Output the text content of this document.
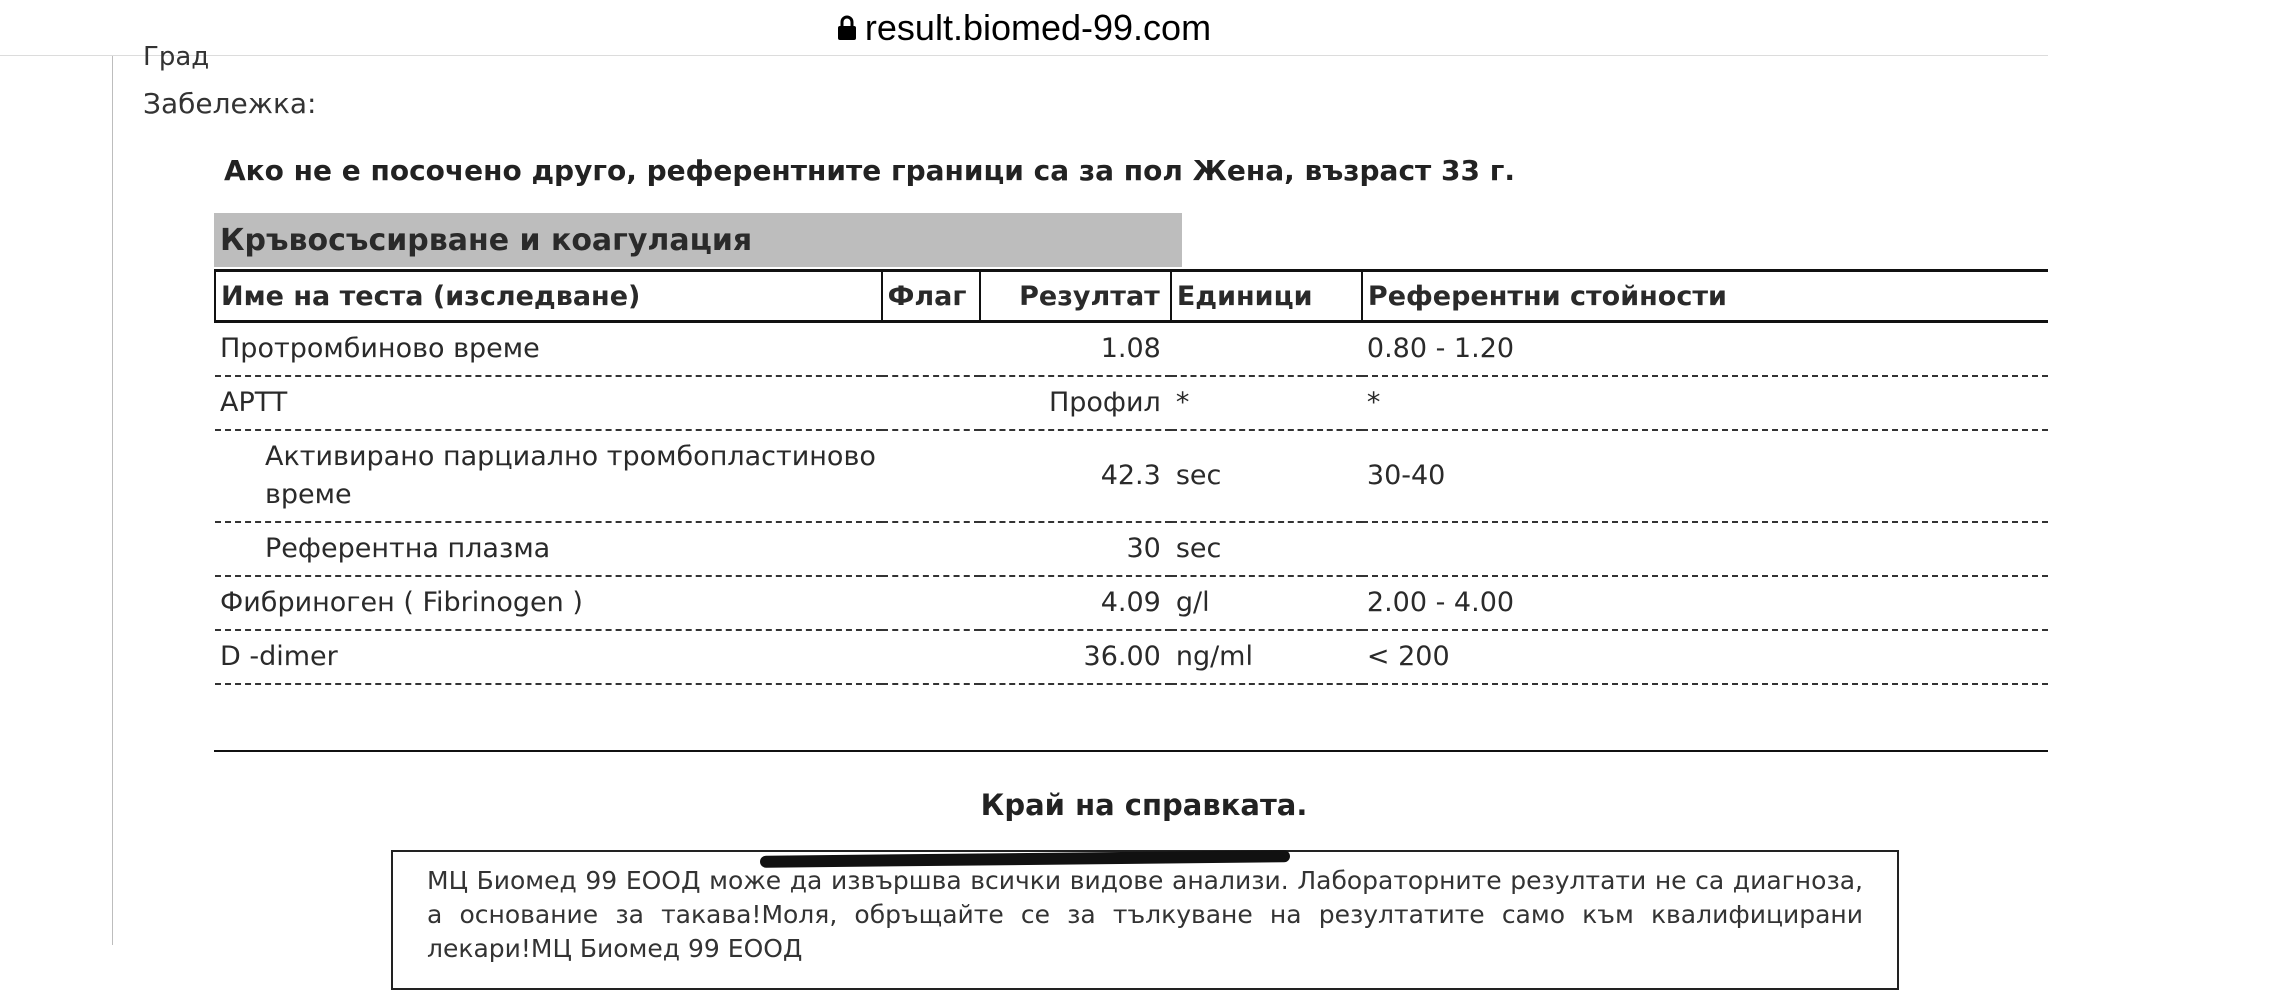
result.biomed-99.com
Град
Забележка:
Ако не е посочено друго, референтните граници са за пол Жена, възраст 33 г.
Кръвосъсирване и коагулация
Име на теста (изследване)	Флаг	Резултат	Единици	Референтни стойности
Протромбиново време		1.08		0.80 - 1.20
APTT		Профил	*	*
Активирано парциално тромбопластиново време		42.3	sec	30-40
Референтна плазма		30	sec	
Фибриноген ( Fibrinogen )		4.09	g/l	2.00 - 4.00
D -dimer		36.00	ng/ml	< 200
Край на справката.
МЦ Биомед 99 ЕООД може да извършва всички видове анализи. Лабораторните резултати не са диагноза, а основание за такава!Моля, обръщайте се за тълкуване на резултатите само към квалифицирани лекари!МЦ Биомед 99 ЕООД
